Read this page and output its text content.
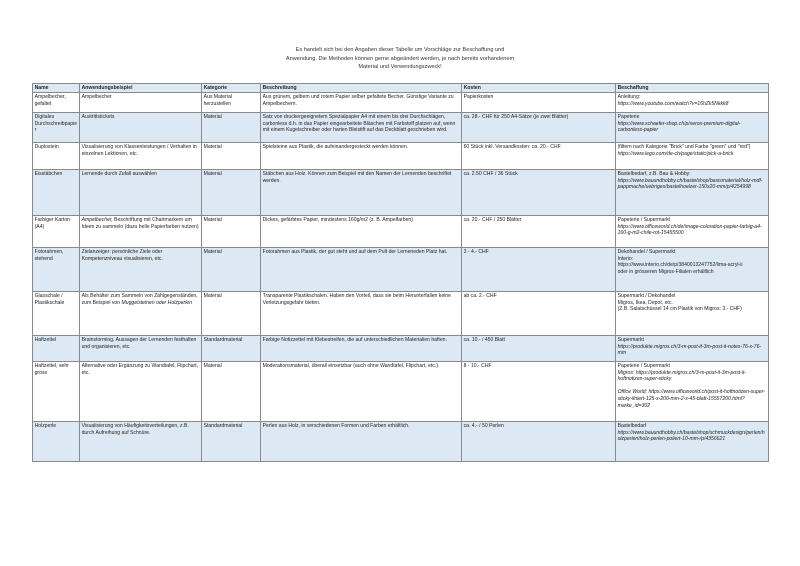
Es handelt sich bei den Angaben dieser Tabelle um Vorschläge zur Beschaffung und
Anwendung. Die Methoden können gerne abgeändert werden, je nach bereits vorhandenem
Material und Verwendungszweck!
Name	Anwendungsbeispiel	Kategorie	Beschreibung	Kosten	Beschaffung
Ampelbecher, gefaltet	Ampelbecher	Aus Material herzustellen	Aus grünem, gelbem und rotem Papier selber gefaltete Becher. Günstige Variante zu Ampelbechern.	Papierkosten	Anleitung:
https://www.youtube.com/watch?v=16hZk5Nkkk8
Digitales Durchschreibpapier	Austrittstickets	Material	Satz von druckergeeignetem Spezialpapier A4 mit einem bis drei Durchschlägen, carbonless d.h. in das Papier eingearbeitete Bläschen mit Farbstoff platzen auf, wenn mit einem Kugelschreiber oder harten Bleistift auf das Deckblatt geschrieben wird.	ca. 28.- CHF für 250 A4-Sätze (je zwei Blätter)	Papeterie
https://www.schaefer-shop.ch/p/xerox-premium-digital-carbonless-papier
Duplostein	Visualisierung von Klassenleistungen / Verhalten in einzelnen Lektionen, etc.	Material	Spielsteine aus Plastik, die aufeinandergesteckt werden können.	60 Stück inkl. Versandkosten: ca. 20.- CHF	(filtern nach Kategorie "Brick" und Farbe "green" und "red") https://www.lego.com/de-ch/page/static/pick-a-brick
Eisstäbchen	Lernende durch Zufall auswählen	Material	Stäbchen aus Holz. Können zum Beispiel mit den Namen der Lernenden beschriftet werden.	ca. 2.50 CHF / 36 Stück	Bastelbedarf, z.B. Bau & Hobby:
https://www.bauundhobby.ch/bastelshop/basismaterial/holz-mdf-pappmache/uebriges/bastelhoelzer-150x20-mm/p/4254998
Farbiger Karton (A4)	Ampelbecher, Beschriftung mit Chartmarkern um Ideen zu sammeln (dazu helle Papierfarben nutzen)	Material	Dickes, gefärbtes Papier, mindestens 160g/m2 (z. B. Ampelfarben)	ca. 20.- CHF / 250 Blätter	Papeterie / Supermarkt
https://www.officeworld.ch/de/image-coloration-papier-farbig-a4-160-g-m2-chile-rot-15455500
Fotorahmen, stehend	Zielanzeiger: persönliche Ziele oder Kompetenzniveau visualisieren, etc.	Material	Fotorahmen aus Plastik, der gut steht und auf dem Pult der Lerneneden Platz hat.	3 - 4.- CHF	Dekohandel / Supermarkt
Interio:
https://www.interio.ch/de/p/3840013247752/lima-acryl-ii
oder in grösseren Migros-Filialen erhältlich
Glasschale / Plastikschale	Als Behälter zum Sammeln von Zählgegenständen, zum Beispiel von Muggelsteinen oder Holzperlen	Material	Transparente Plastikschalen. Haben den Vorteil, dass sie beim Herunterfallen keine Verletzungsgefahr bieten.	ab ca. 2.- CHF	Supermarkt / Dekohandel
Migros, Ikea, Depot, etc.
(Z.B. Salatschüssel 14 cm Plastik von Migros: 3.- CHF)
Haftzettel	Brainstorming, Aussagen der Lernenden festhalten und organisieren, etc.	Standardmaterial	Farbige Notizzettel mit Klebestreifen, die auf unterschiedlichen Materialien haften.	ca. 10.- / 450 Blatt	Supermarkt
https://produkte.migros.ch/3-m-post-it-3m-post-it-notes-76-x-76-mm
Haftzettel, sehr gross	Alternative oder Ergänzung zu Wandtafel, Flipchart, etc.	Material	Moderationsmaterial, überall einsetzbar (auch ohne Wandtafel, Flipchart, etc.).	8 - 10.- CHF	Papeterie / Supermarkt
Migros: https://produkte.migros.ch/3-m-post-it-3m-post-it-hoftnotizen-super-sticky
Office World: https://www.officeworld.ch/post-it-hoftnotizen-super-sticky-liniert-125-x-200-mm-2-x-45-blatt-15557200.html?marke_id=302
Holzperle	Visualisierung von Häufigkeitsverteilungen, z.B. durch Aufreihung auf Schnüre.	Standardmaterial	Perlen aus Holz, in verschiedenen Formen und Farben erhältlich.	ca. 4.- / 50 Perlen	Bastelbedarf
https://www.bauundhobby.ch/bastelshop/schmuckdesign/perlen/holzperlen/holz-perlen-poliert-10-mm-/p/4356621
